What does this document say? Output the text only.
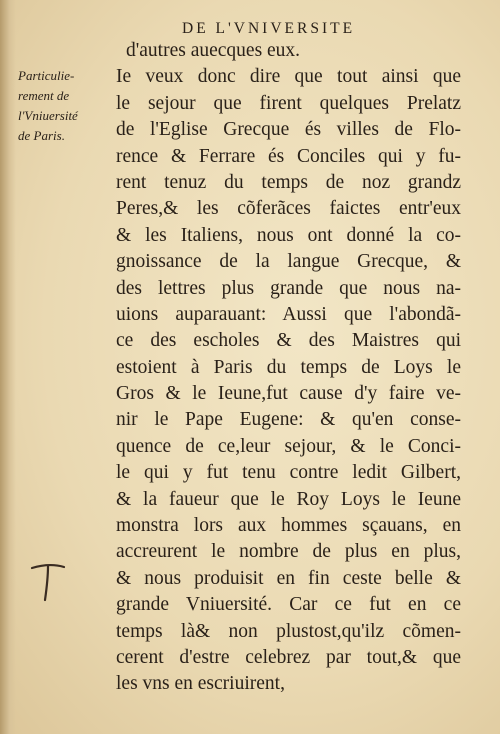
DE L'VNIVERSITE
Particulie-
rement de
l'Vniuersité
de Paris.
d'autres auecques eux.
Ie veux donc dire que tout ainsi que
le sejour que firent quelques Prelatz
de l'Eglise Grecque és villes de Flo-
rence & Ferrare és Conciles qui y fu-
rent tenuz du temps de noz grandz
Peres,& les cõferãces faictes entr'eux
& les Italiens, nous ont donné la co-
gnoissance de la langue Grecque, &
des lettres plus grande que nous na-
uions auparauant: Aussi que l'abondã-
ce des escholes & des Maistres qui
estoient à Paris du temps de Loys le
Gros & le Ieune,fut cause d'y faire ve-
nir le Pape Eugene: & qu'en conse-
quence de ce,leur sejour, & le Conci-
le qui y fut tenu contre ledit Gilbert,
& la faueur que le Roy Loys le Ieune
monstra lors aux hommes sçauans, en
accreurent le nombre de plus en plus,
& nous produisit en fin ceste belle &
grande Vniuersité. Car ce fut en ce
temps là& non plustost,qu'ilz cõmen-
cerent d'estre celebrez par tout,& que
les vns en escriuirent,
